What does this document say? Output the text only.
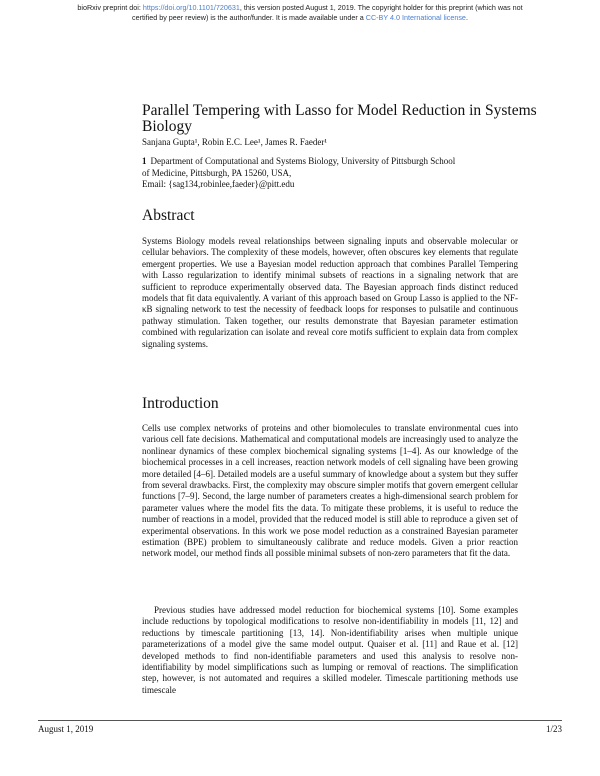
bioRxiv preprint doi: https://doi.org/10.1101/720631, this version posted August 1, 2019. The copyright holder for this preprint (which was not
certified by peer review) is the author/funder. It is made available under a CC-BY 4.0 International license.
Parallel Tempering with Lasso for Model Reduction in Systems Biology
Sanjana Gupta¹, Robin E.C. Lee¹, James R. Faeder¹
1 Department of Computational and Systems Biology, University of Pittsburgh School
of Medicine, Pittsburgh, PA 15260, USA,
Email: {sag134,robinlee,faeder}@pitt.edu
Abstract

Systems Biology models reveal relationships between signaling inputs and observable molecular or cellular behaviors. The complexity of these models, however, often obscures key elements that regulate emergent properties. We use a Bayesian model reduction approach that combines Parallel Tempering with Lasso regularization to identify minimal subsets of reactions in a signaling network that are sufficient to reproduce experimentally observed data. The Bayesian approach finds distinct reduced models that fit data equivalently. A variant of this approach based on Group Lasso is applied to the NF-κB signaling network to test the necessity of feedback loops for responses to pulsatile and continuous pathway stimulation. Taken together, our results demonstrate that Bayesian parameter estimation combined with regularization can isolate and reveal core motifs sufficient to explain data from complex signaling systems.

Introduction

Cells use complex networks of proteins and other biomolecules to translate environmental cues into various cell fate decisions. Mathematical and computational models are increasingly used to analyze the nonlinear dynamics of these complex biochemical signaling systems [1–4]. As our knowledge of the biochemical processes in a cell increases, reaction network models of cell signaling have been growing more detailed [4–6]. Detailed models are a useful summary of knowledge about a system but they suffer from several drawbacks. First, the complexity may obscure simpler motifs that govern emergent cellular functions [7–9]. Second, the large number of parameters creates a high-dimensional search problem for parameter values where the model fits the data. To mitigate these problems, it is useful to reduce the number of reactions in a model, provided that the reduced model is still able to reproduce a given set of experimental observations. In this work we pose model reduction as a constrained Bayesian parameter estimation (BPE) problem to simultaneously calibrate and reduce models. Given a prior reaction network model, our method finds all possible minimal subsets of non-zero parameters that fit the data.

Previous studies have addressed model reduction for biochemical systems [10]. Some examples include reductions by topological modifications to resolve non-identifiability in models [11, 12] and reductions by timescale partitioning [13, 14]. Non-identifiability arises when multiple unique parameterizations of a model give the same model output. Quaiser et al. [11] and Raue et al. [12] developed methods to find non-identifiable parameters and used this analysis to resolve non-identifiability by model simplifications such as lumping or removal of reactions. The simplification step, however, is not automated and requires a skilled modeler. Timescale partitioning methods use timescale

August 1, 2019	1/23
